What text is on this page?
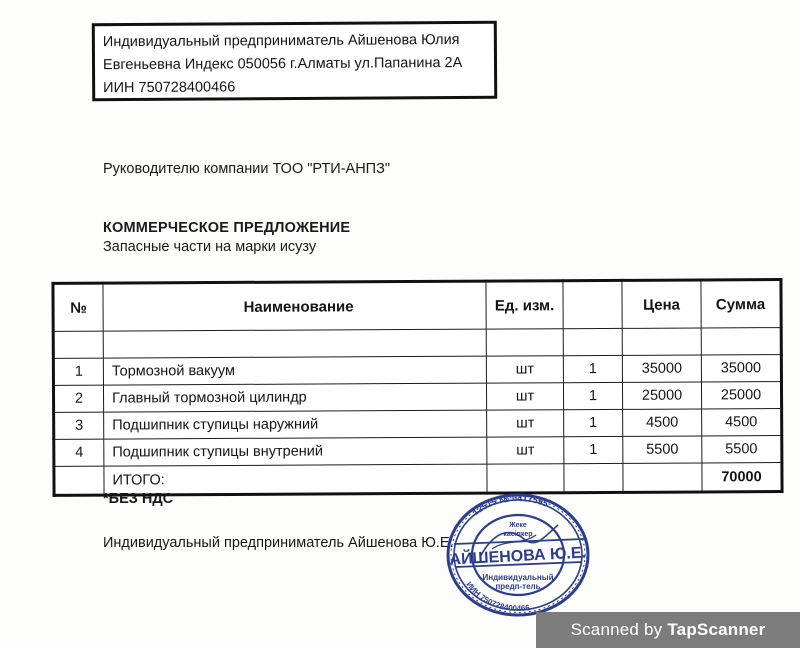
Индивидуальный предприниматель Айшенова Юлия
Евгеньевна Индекс 050056 г.Алматы ул.Папанина 2А
ИИН 750728400466
Руководителю компании ТОО "РТИ-АНПЗ"
КОММЕРЧЕСКОЕ ПРЕДЛОЖЕНИЕ
Запасные части на марки исузу
№	Наименование	Ед. изм.		Цена	Сумма

1	Тормозной вакуум	шт	1	35000	35000
2	Главный тормозной цилиндр	шт	1	25000	25000
3	Подшипник ступицы наружний	шт	1	4500	4500
4	Подшипник ступицы внутрений	шт	1	5500	5500
	ИТОГО:				70000
*БЕЗ НДС
Индивидуальный предприниматель Айшенова Ю.Е.
12515 № 0417595
ИИН 750728400466
Жеке
касіпкер
АЙШЕНОВА Ю.Е.
Индивидуальный
предп-тель
Scanned by TapScanner
